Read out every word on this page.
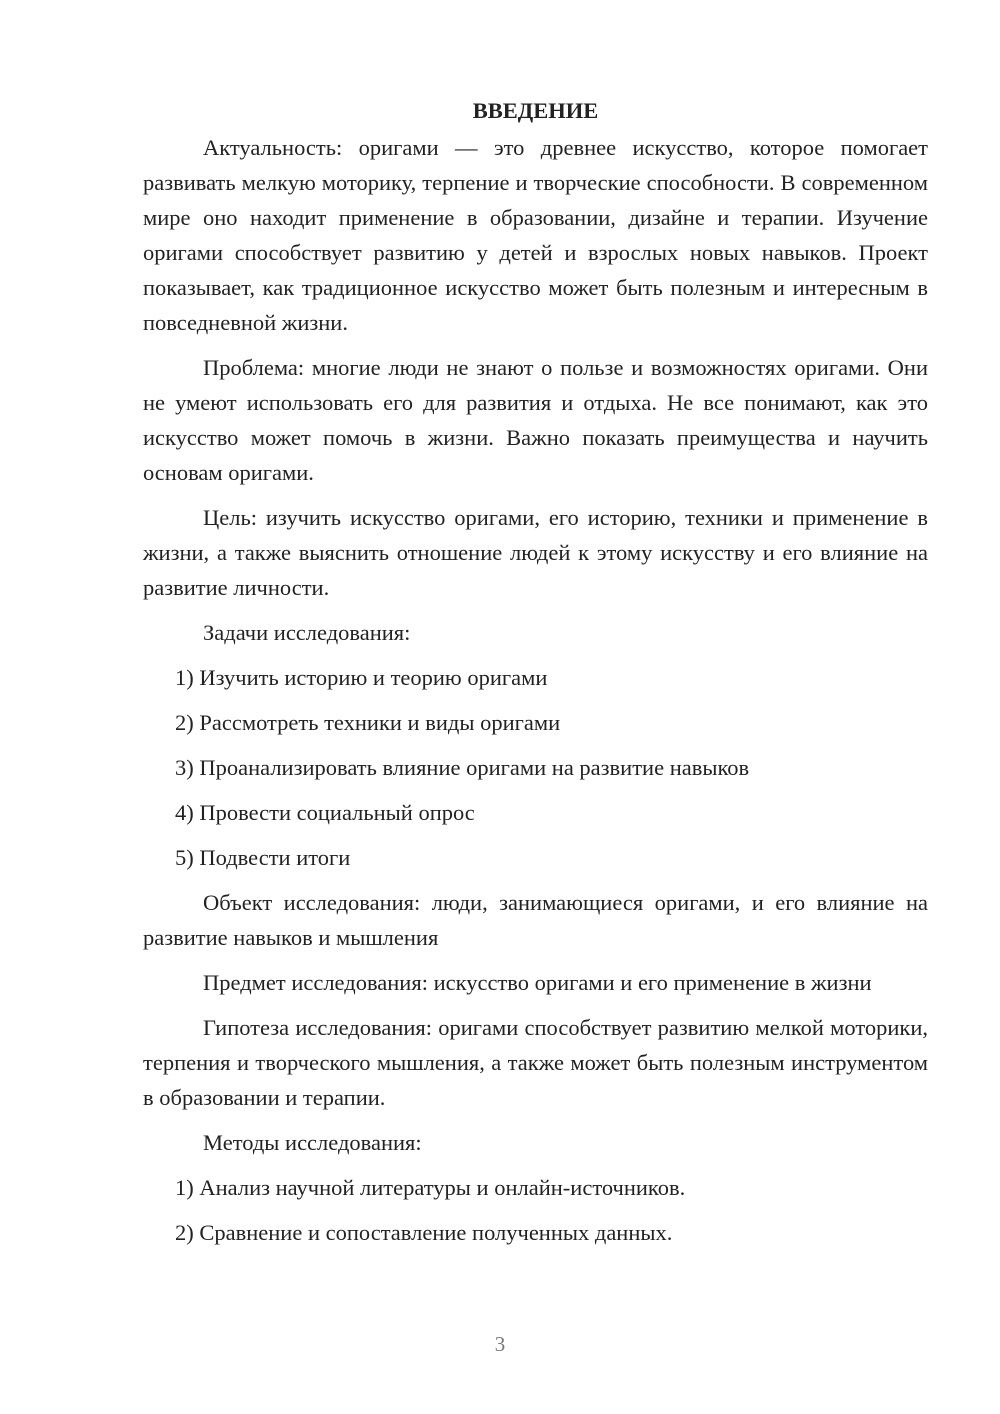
ВВЕДЕНИЕ

Актуальность: оригами — это древнее искусство, которое помогает развивать мелкую моторику, терпение и творческие способности. В современном мире оно находит применение в образовании, дизайне и терапии. Изучение оригами способствует развитию у детей и взрослых новых навыков. Проект показывает, как традиционное искусство может быть полезным и интересным в повседневной жизни.

Проблема: многие люди не знают о пользе и возможностях оригами. Они не умеют использовать его для развития и отдыха. Не все понимают, как это искусство может помочь в жизни. Важно показать преимущества и научить основам оригами.

Цель: изучить искусство оригами, его историю, техники и применение в жизни, а также выяснить отношение людей к этому искусству и его влияние на развитие личности.

Задачи исследования:

1) Изучить историю и теорию оригами
2) Рассмотреть техники и виды оригами
3) Проанализировать влияние оригами на развитие навыков
4) Провести социальный опрос
5) Подвести итоги

Объект исследования: люди, занимающиеся оригами, и его влияние на развитие навыков и мышления

Предмет исследования: искусство оригами и его применение в жизни

Гипотеза исследования: оригами способствует развитию мелкой моторики, терпения и творческого мышления, а также может быть полезным инструментом в образовании и терапии.

Методы исследования:

1) Анализ научной литературы и онлайн-источников.
2) Сравнение и сопоставление полученных данных.
3
